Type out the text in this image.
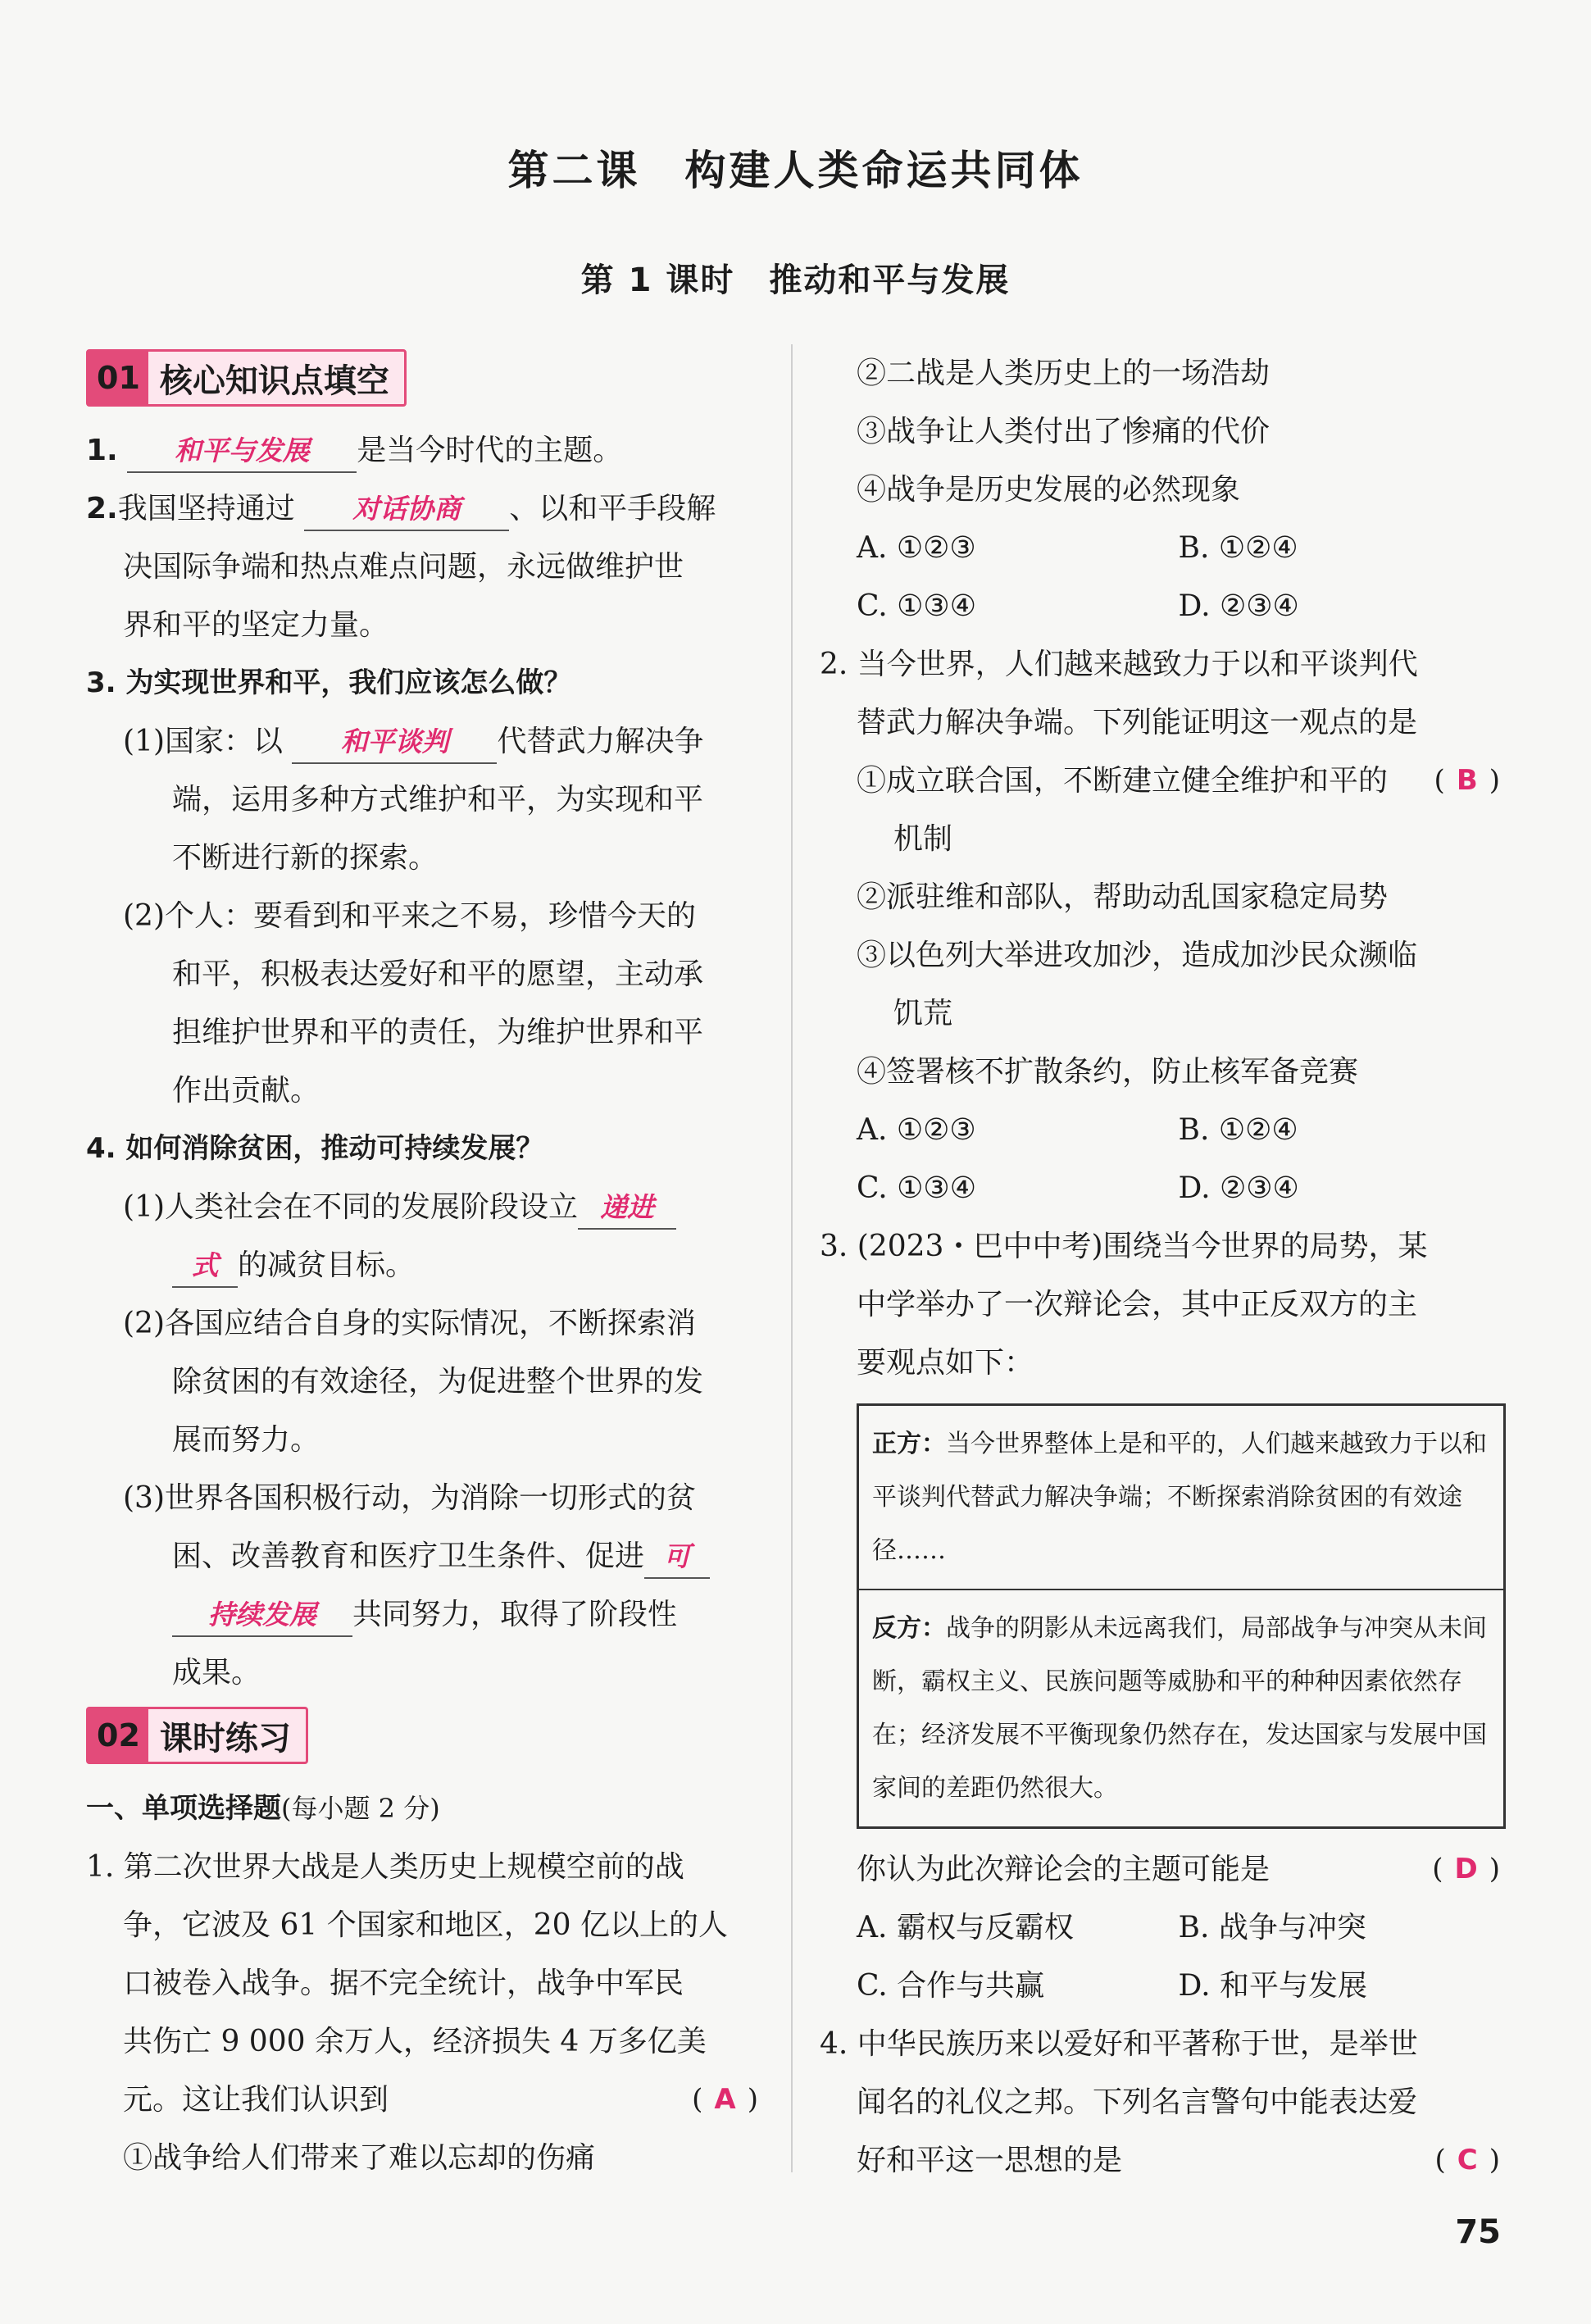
第二课　构建人类命运共同体
第 1 课时　推动和平与发展
01 核心知识点填空
1. 和平与发展 是当今时代的主题。
2.我国坚持通过 对话协商 、以和平手段解
决国际争端和热点难点问题，永远做维护世
界和平的坚定力量。
3. 为实现世界和平，我们应该怎么做？
(1)国家：以 和平谈判 代替武力解决争
端，运用多种方式维护和平，为实现和平
不断进行新的探索。
(2)个人：要看到和平来之不易，珍惜今天的
和平，积极表达爱好和平的愿望，主动承
担维护世界和平的责任，为维护世界和平
作出贡献。
4. 如何消除贫困，推动可持续发展？
(1)人类社会在不同的发展阶段设立 递进
式 的减贫目标。
(2)各国应结合自身的实际情况，不断探索消
除贫困的有效途径，为促进整个世界的发
展而努力。
(3)世界各国积极行动，为消除一切形式的贫
困、改善教育和医疗卫生条件、促进 可
持续发展 共同努力，取得了阶段性
成果。
02 课时练习
一、单项选择题(每小题 2 分)
1. 第二次世界大战是人类历史上规模空前的战
争，它波及 61 个国家和地区，20 亿以上的人
口被卷入战争。据不完全统计，战争中军民
共伤亡 9 000 余万人，经济损失 4 万多亿美
元。这让我们认识到	( A )
①战争给人们带来了难以忘却的伤痛
②二战是人类历史上的一场浩劫
③战争让人类付出了惨痛的代价
④战争是历史发展的必然现象
A. ①②③	B. ①②④
C. ①③④	D. ②③④
2. 当今世界，人们越来越致力于以和平谈判代
替武力解决争端。下列能证明这一观点的是
( B )
①成立联合国，不断建立健全维护和平的
机制
②派驻维和部队，帮助动乱国家稳定局势
③以色列大举进攻加沙，造成加沙民众濒临
饥荒
④签署核不扩散条约，防止核军备竞赛
A. ①②③	B. ①②④
C. ①③④	D. ②③④
3. (2023・巴中中考)围绕当今世界的局势，某
中学举办了一次辩论会，其中正反双方的主
要观点如下：
正方：当今世界整体上是和平的，人们越来越致力于以和平谈判代替武力解决争端；不断探索消除贫困的有效途径……
反方：战争的阴影从未远离我们，局部战争与冲突从未间断，霸权主义、民族问题等威胁和平的种种因素依然存在；经济发展不平衡现象仍然存在，发达国家与发展中国家间的差距仍然很大。
你认为此次辩论会的主题可能是	( D )
A. 霸权与反霸权	B. 战争与冲突
C. 合作与共赢	D. 和平与发展
4. 中华民族历来以爱好和平著称于世，是举世
闻名的礼仪之邦。下列名言警句中能表达爱
好和平这一思想的是	( C )
75
